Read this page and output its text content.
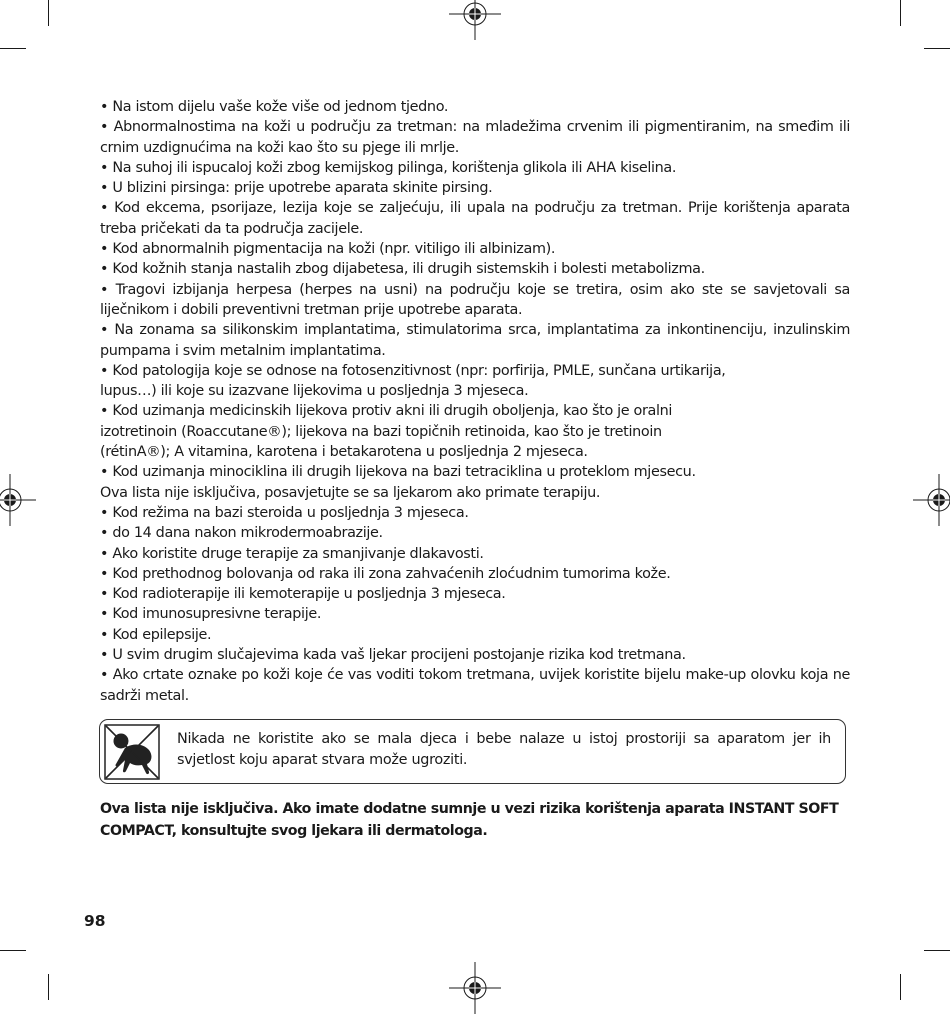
• Na istom dijelu vaše kože više od jednom tjedno.

• Abnormalnostima na koži u području za tretman: na mladežima crvenim ili pigmentiranim, na smeđim ili crnim uzdignućima na koži kao što su pjege ili mrlje.

• Na suhoj ili ispucaloj koži zbog kemijskog pilinga, korištenja glikola ili AHA kiselina.

• U blizini pirsinga: prije upotrebe aparata skinite pirsing.

• Kod ekcema, psorijaze, lezija koje se zaljećuju, ili upala na području za tretman. Prije korištenja aparata treba pričekati da ta područja zacijele.

• Kod abnormalnih pigmentacija na koži (npr. vitiligo ili albinizam).

• Kod kožnih stanja nastalih zbog dijabetesa, ili drugih sistemskih i bolesti metabolizma.

• Tragovi izbijanja herpesa (herpes na usni) na području koje se tretira, osim ako ste se savjetovali sa liječnikom i dobili preventivni tretman prije upotrebe aparata.

• Na zonama sa silikonskim implantatima, stimulatorima srca, implantatima za inkontinenciju, inzulinskim pumpama i svim metalnim implantatima.

• Kod patologija koje se odnose na fotosenzitivnost (npr: porfirija, PMLE, sunčana urtikarija,
lupus…) ili koje su izazvane lijekovima u posljednja 3 mjeseca.

• Kod uzimanja medicinskih lijekova protiv akni ili drugih oboljenja, kao što je oralni
izotretinoin (Roaccutane®); lijekova na bazi topičnih retinoida, kao što je tretinoin
(rétinA®); A vitamina, karotena i betakarotena u posljednja 2 mjeseca.

• Kod uzimanja minociklina ili drugih lijekova na bazi tetraciklina u proteklom mjesecu.

Ova lista nije isključiva, posavjetujte se sa ljekarom ako primate terapiju.

• Kod režima na bazi steroida u posljednja 3 mjeseca.

• do 14 dana nakon mikrodermoabrazije.

• Ako koristite druge terapije za smanjivanje dlakavosti.

• Kod prethodnog bolovanja od raka ili zona zahvaćenih zloćudnim tumorima kože.

• Kod radioterapije ili kemoterapije u posljednja 3 mjeseca.

• Kod imunosupresivne terapije.

• Kod epilepsije.

• U svim drugim slučajevima kada vaš ljekar procijeni postojanje rizika kod tretmana.

• Ako crtate oznake po koži koje će vas voditi tokom tretmana, uvijek koristite bijelu make-up olovku koja ne sadrži metal.

Nikada ne koristite ako se mala djeca i bebe nalaze u istoj prostoriji sa aparatom jer ih svjetlost koju aparat stvara može ugroziti.
Ova lista nije isključiva. Ako imate dodatne sumnje u vezi rizika korištenja aparata INSTANT SOFT COMPACT, konsultujte svog ljekara ili dermatologa.
98
